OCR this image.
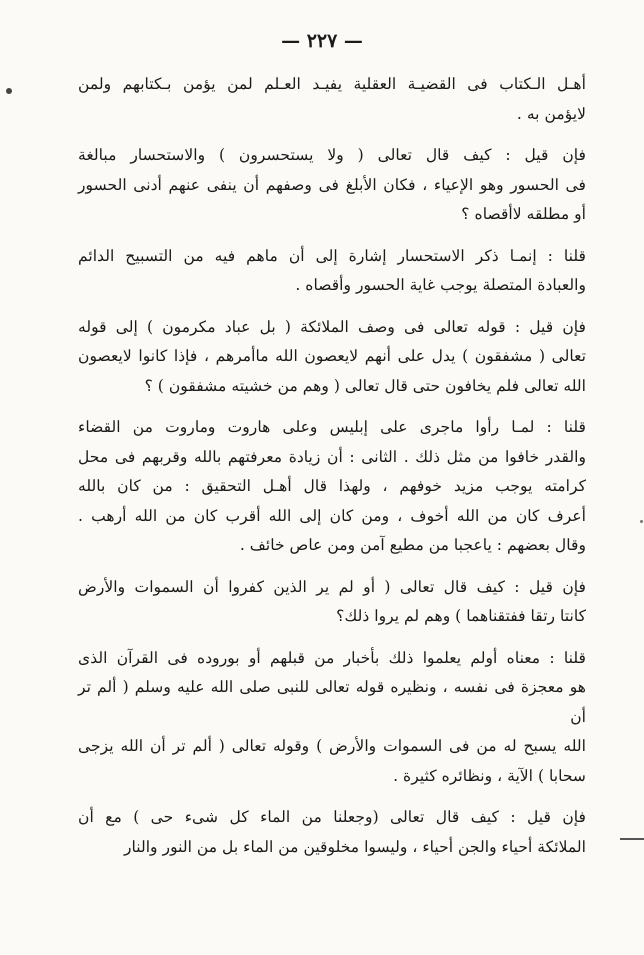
— ٢٢٧ —

أهـل الـكتاب فى القضيـة العقلية يفيـد العـلم لمن يؤمن بـكتابهم ولمن

لايؤمن به .

فإن قيل : كيف قال تعالى ( ولا يستحسرون ) والاستحسار مبالغة

فى الحسور وهو الإعياء ، فكان الأبلغ فى وصفهم أن ينفى عنهم أدنى الحسور

أو مطلقه لاأقصاه ؟

قلنا : إنمـا ذكر الاستحسار إشارة إلى أن ماهم فيه من التسبيح الدائم

والعبادة المتصلة يوجب غاية الحسور وأقصاه .

فإن قيل : قوله تعالى فى وصف الملائكة ( بل عباد مكرمون ) إلى قوله

تعالى ( مشفقون ) يدل على أنهم لايعصون الله ماأمرهم ، فإذا كانوا لايعصون

الله تعالى فلم يخافون حتى قال تعالى ( وهم من خشيته مشفقون ) ؟

قلنا : لمـا رأوا ماجرى على إبليس وعلى هاروت وماروت من القضاء

والقدر خافوا من مثل ذلك . الثانى : أن زيادة معرفتهم بالله وقربهم فى محل

كرامته يوجب مزيد خوفهم ، ولهذا قال أهـل التحقيق : من كان بالله

أعرف كان من الله أخوف ، ومن كان إلى الله أقرب كان من الله أرهب .

وقال بعضهم : ياعجبا من مطيع آمن ومن عاص خائف .

فإن قيل : كيف قال تعالى ( أو لم ير الذين كفروا أن السموات والأرض

كانتا رتقا ففتقناهما ) وهم لم يروا ذلك؟

قلنا : معناه أولم يعلموا ذلك بأخبار من قبلهم أو بوروده فى القرآن الذى

هو معجزة فى نفسه ، ونظيره قوله تعالى للنبى صلى الله عليه وسلم ( ألم تر أن

الله يسبح له من فى السموات والأرض ) وقوله تعالى ( ألم تر أن الله يزجى

سحابا ) الآية ، ونظائره كثيرة .

فإن قيل : كيف قال تعالى (وجعلنا من الماء كل شىء حى ) مع أن

الملائكة أحياء والجن أحياء ، وليسوا مخلوقين من الماء بل من النور والنار
